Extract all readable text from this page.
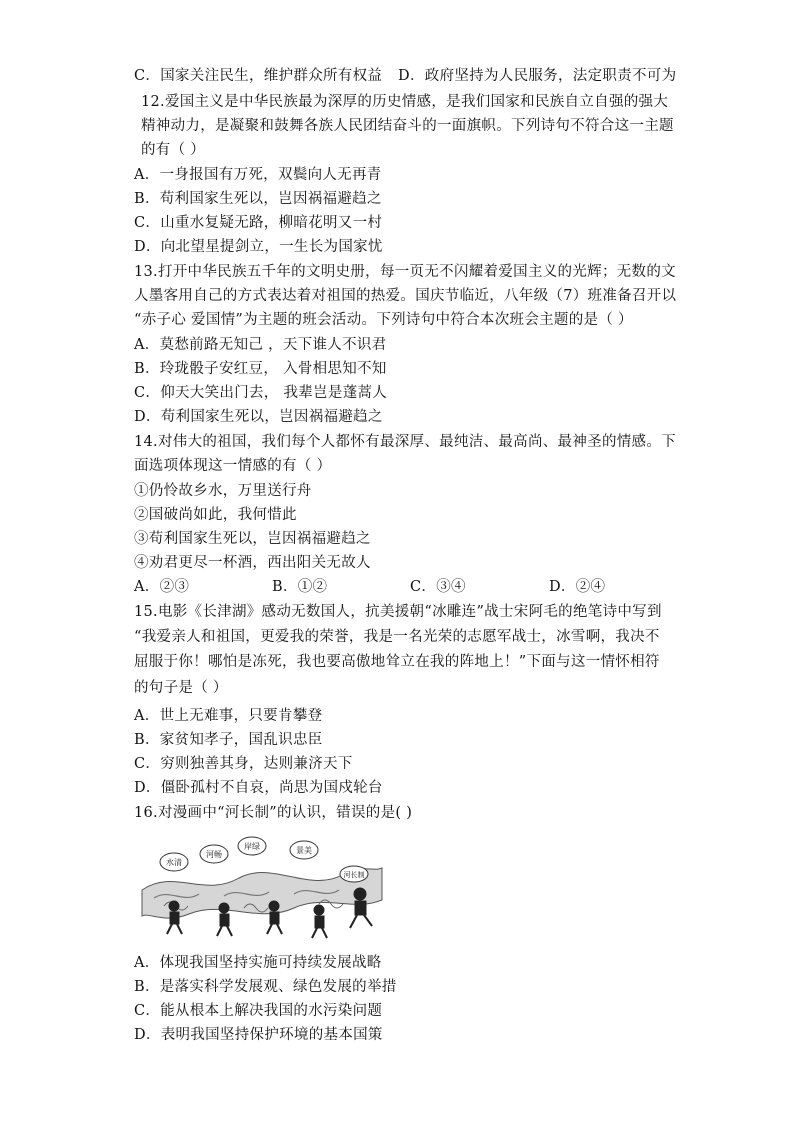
C．国家关注民生，维护群众所有权益 D．政府坚持为人民服务，法定职责不可为
12.爱国主义是中华民族最为深厚的历史情感，是我们国家和民族自立自强的强大
精神动力，是凝聚和鼓舞各族人民团结奋斗的一面旗帜。下列诗句不符合这一主题
的有（ ）
A．一身报国有万死，双鬓向人无再青
B．苟利国家生死以，岂因祸福避趋之
C．山重水复疑无路，柳暗花明又一村
D．向北望星提剑立，一生长为国家忧
13.打开中华民族五千年的文明史册，每一页无不闪耀着爱国主义的光辉；无数的文
人墨客用自己的方式表达着对祖国的热爱。国庆节临近，八年级（7）班准备召开以
“赤子心 爱国情”为主题的班会活动。下列诗句中符合本次班会主题的是（ ）
A．莫愁前路无知己 ，天下谁人不识君
B．玲珑骰子安红豆， 入骨相思知不知
C．仰天大笑出门去， 我辈岂是蓬蒿人
D．苟利国家生死以，岂因祸福避趋之
14.对伟大的祖国，我们每个人都怀有最深厚、最纯洁、最高尚、最神圣的情感。下
面选项体现这一情感的有（ ）
①仍怜故乡水，万里送行舟
②国破尚如此，我何惜此
③苟利国家生死以，岂因祸福避趋之
④劝君更尽一杯酒，西出阳关无故人
A．②③	B．①②	C．③④	D．②④
15.电影《长津湖》感动无数国人，抗美援朝“冰雕连”战士宋阿毛的绝笔诗中写到
“我爱亲人和祖国，更爱我的荣誉，我是一名光荣的志愿军战士，冰雪啊，我决不
屈服于你！哪怕是冻死，我也要高傲地耸立在我的阵地上！”下面与这一情怀相符
的句子是（ ）
A．世上无难事，只要肯攀登
B．家贫知孝子，国乱识忠臣
C．穷则独善其身，达则兼济天下
D．僵卧孤村不自哀，尚思为国戍轮台
16.对漫画中“河长制”的认识，错误的是( )
水清
河畅
岸绿	景美
河长制
A．体现我国坚持实施可持续发展战略
B．是落实科学发展观、绿色发展的举措
C．能从根本上解决我国的水污染问题
D．表明我国坚持保护环境的基本国策
